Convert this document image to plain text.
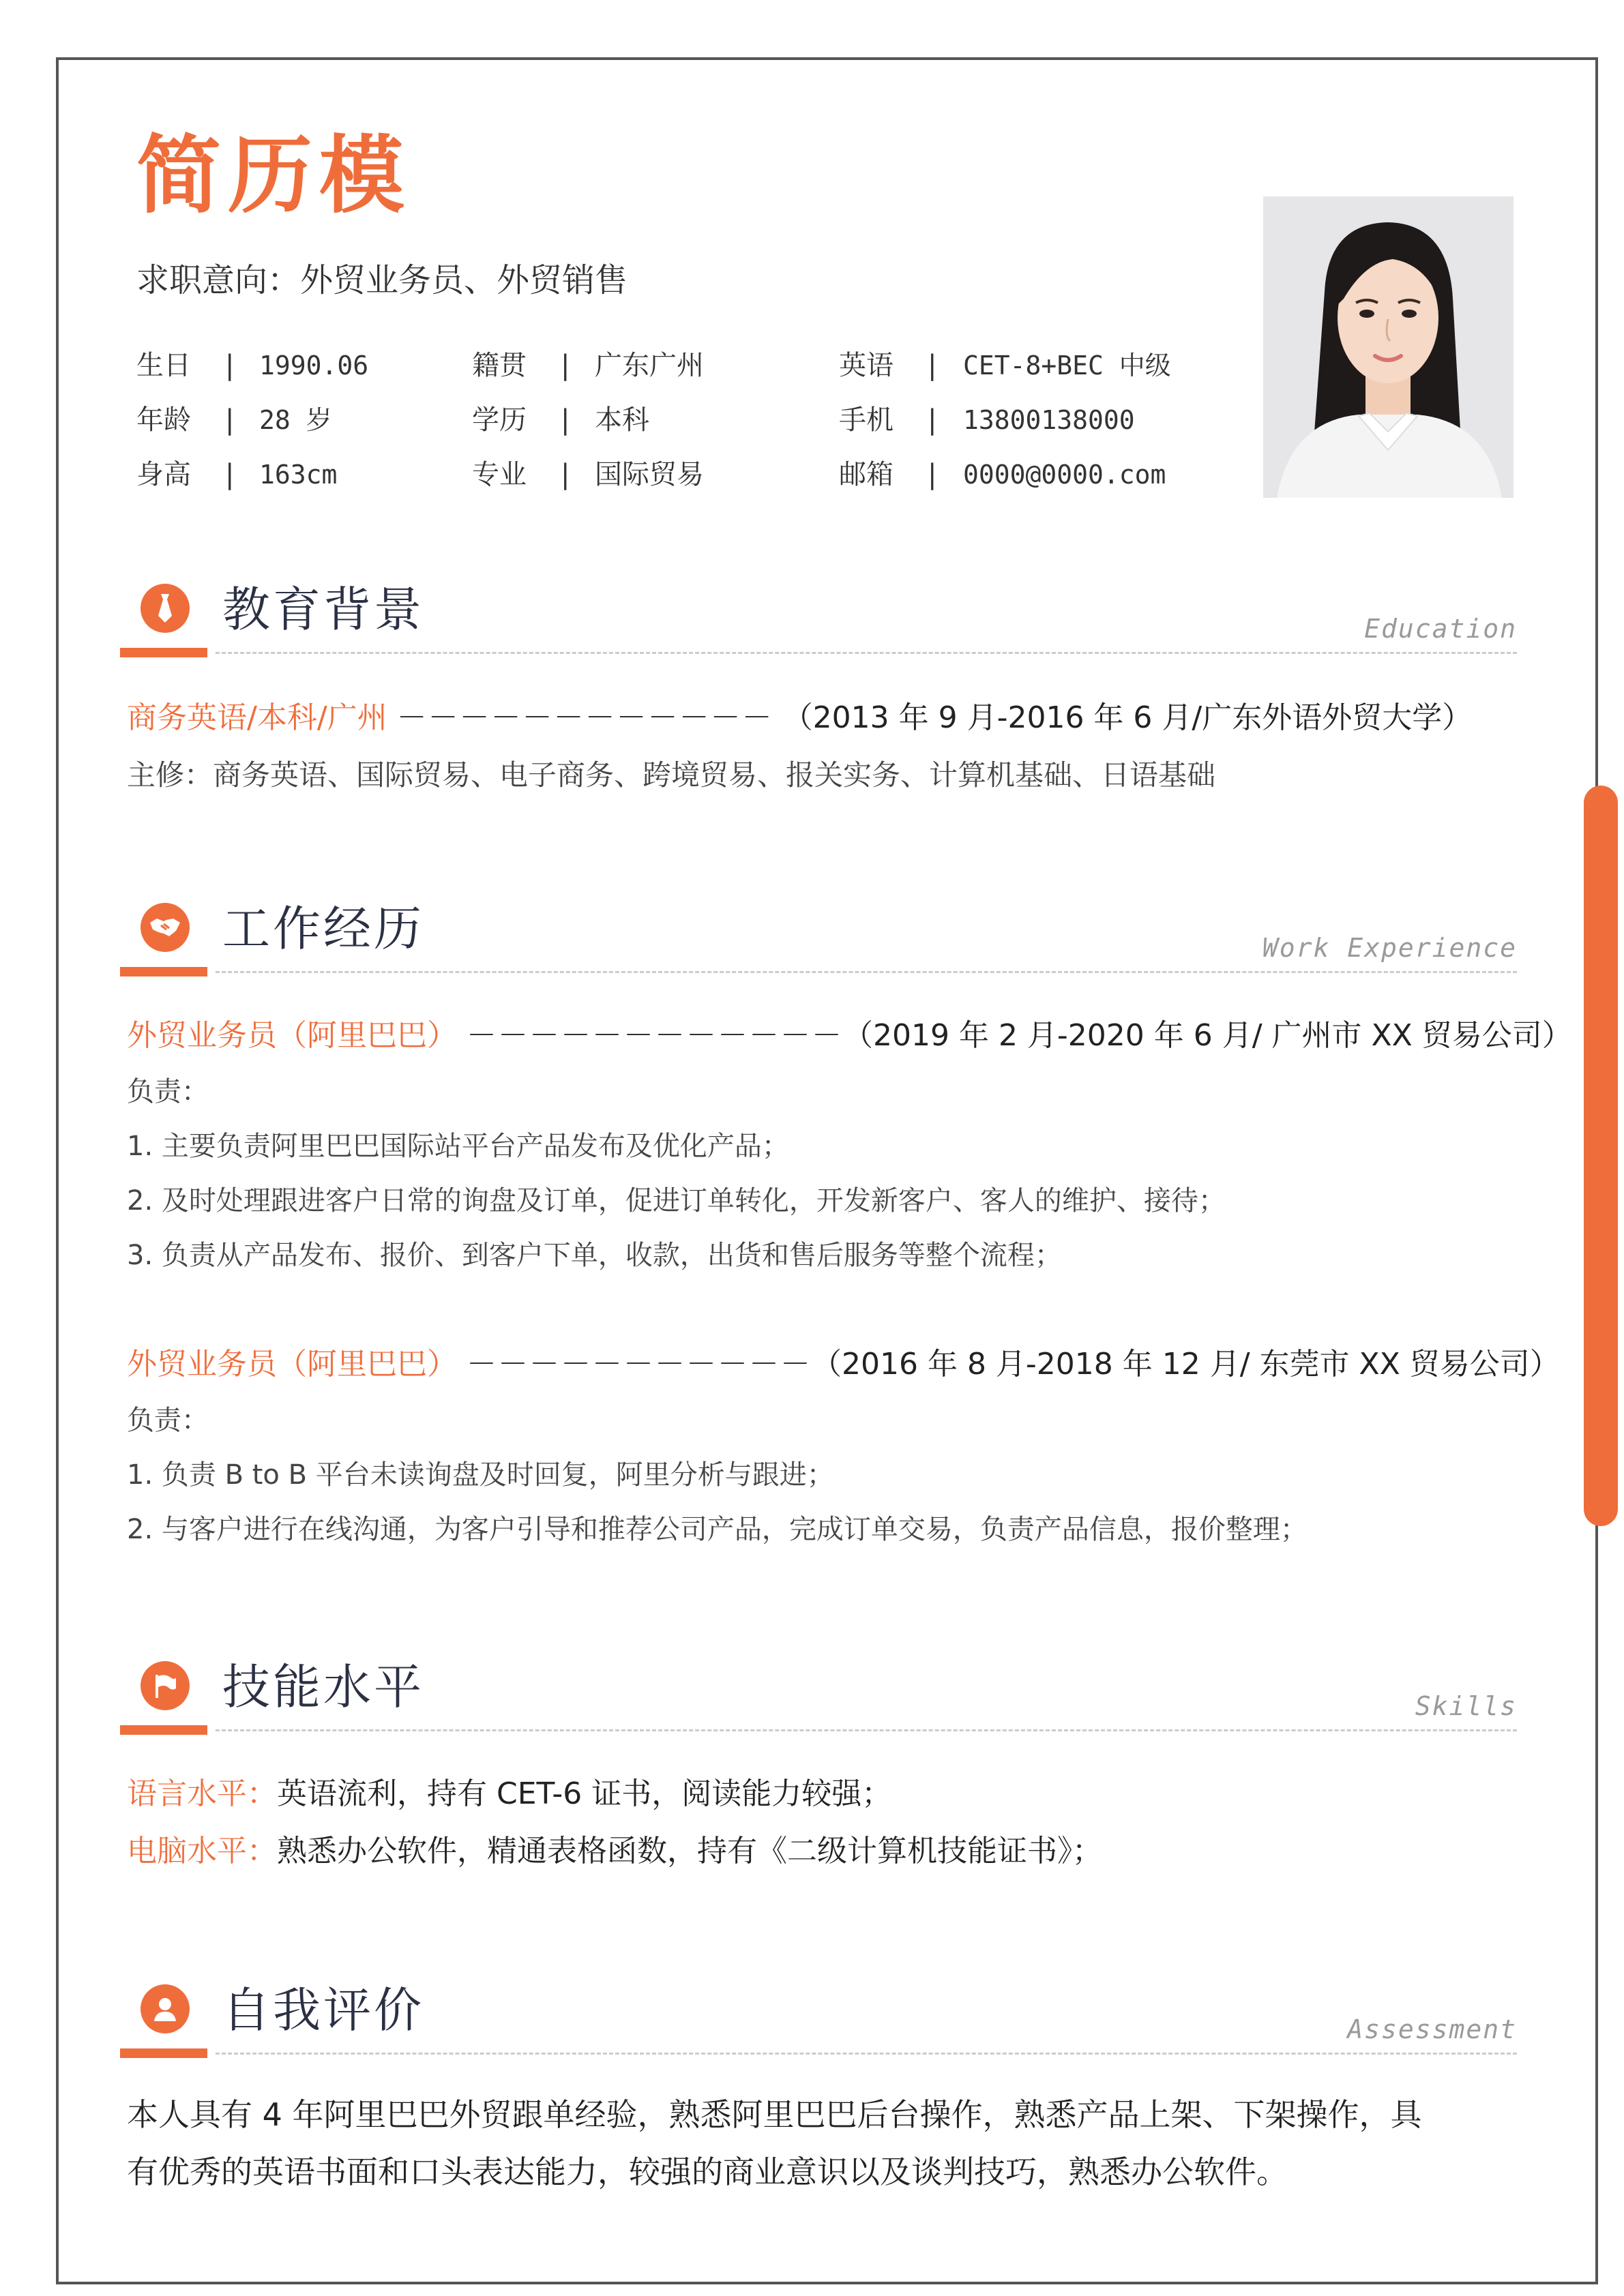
简历模
求职意向：外贸业务员、外贸销售
生日 | 1990.06	籍贯 | 广东广州	英语 | CET-8+BEC 中级
年龄 | 28 岁	学历 | 本科	手机 | 13800138000
身高 | 163cm	专业 | 国际贸易	邮箱 | 0000@0000.com
教育背景	Education
商务英语/本科/广州 －－－－－－－－－－－－ （2013 年 9 月-2016 年 6 月/广东外语外贸大学）
主修：商务英语、国际贸易、电子商务、跨境贸易、报关实务、计算机基础、日语基础
工作经历	Work Experience
外贸业务员（阿里巴巴） －－－－－－－－－－－－（2019 年 2 月-2020 年 6 月/ 广州市 XX 贸易公司）
负责：
1. 主要负责阿里巴巴国际站平台产品发布及优化产品；
2. 及时处理跟进客户日常的询盘及订单，促进订单转化，开发新客户、客人的维护、接待；
3. 负责从产品发布、报价、到客户下单，收款，出货和售后服务等整个流程；
外贸业务员（阿里巴巴） －－－－－－－－－－－（2016 年 8 月-2018 年 12 月/ 东莞市 XX 贸易公司）
负责：
1. 负责 B to B 平台未读询盘及时回复，阿里分析与跟进；
2. 与客户进行在线沟通，为客户引导和推荐公司产品，完成订单交易，负责产品信息，报价整理；
技能水平	Skills
语言水平：英语流利，持有 CET-6 证书，阅读能力较强；
电脑水平：熟悉办公软件，精通表格函数，持有《二级计算机技能证书》；
自我评价	Assessment
本人具有 4 年阿里巴巴外贸跟单经验，熟悉阿里巴巴后台操作，熟悉产品上架、下架操作，具
有优秀的英语书面和口头表达能力，较强的商业意识以及谈判技巧，熟悉办公软件。
